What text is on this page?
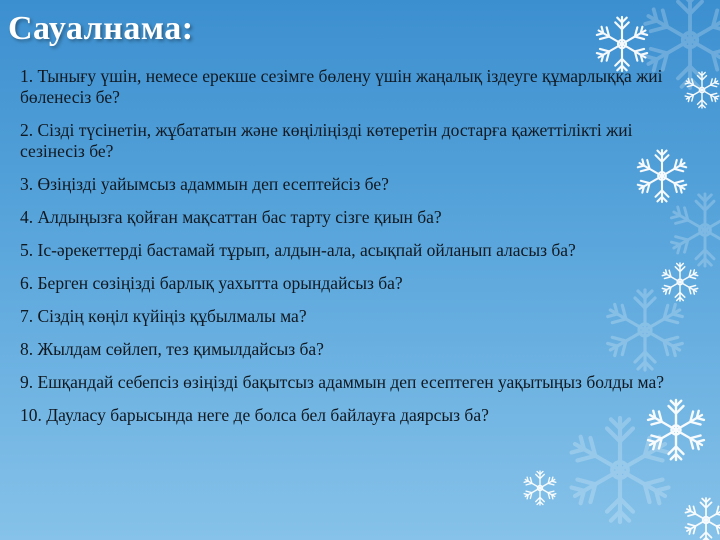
Сауалнама:
1. Тынығу үшін, немесе ерекше сезімге бөлену үшін жаңалық іздеуге құмарлыққа жиі бөленесіз бе?
2. Сізді түсінетін, жұбататын және көңіліңізді көтеретін достарға қажеттілікті жиі сезінесіз бе?
3. Өзіңізді уайымсыз адаммын деп есептейсіз бе?
4. Алдыңызға қойған мақсаттан бас тарту сізге қиын ба?
5. Іс-әрекеттерді бастамай тұрып, алдын-ала, асықпай ойланып аласыз ба?
6. Берген сөзіңізді барлық уахытта орындайсыз ба?
7. Сіздің көңіл күйіңіз құбылмалы ма?
8. Жылдам сөйлеп, тез қимылдайсыз ба?
9. Ешқандай себепсіз өзіңізді бақытсыз адаммын деп есептеген уақытыңыз болды ма?
10. Дауласу барысында неге де болса бел байлауға даярсыз ба?
